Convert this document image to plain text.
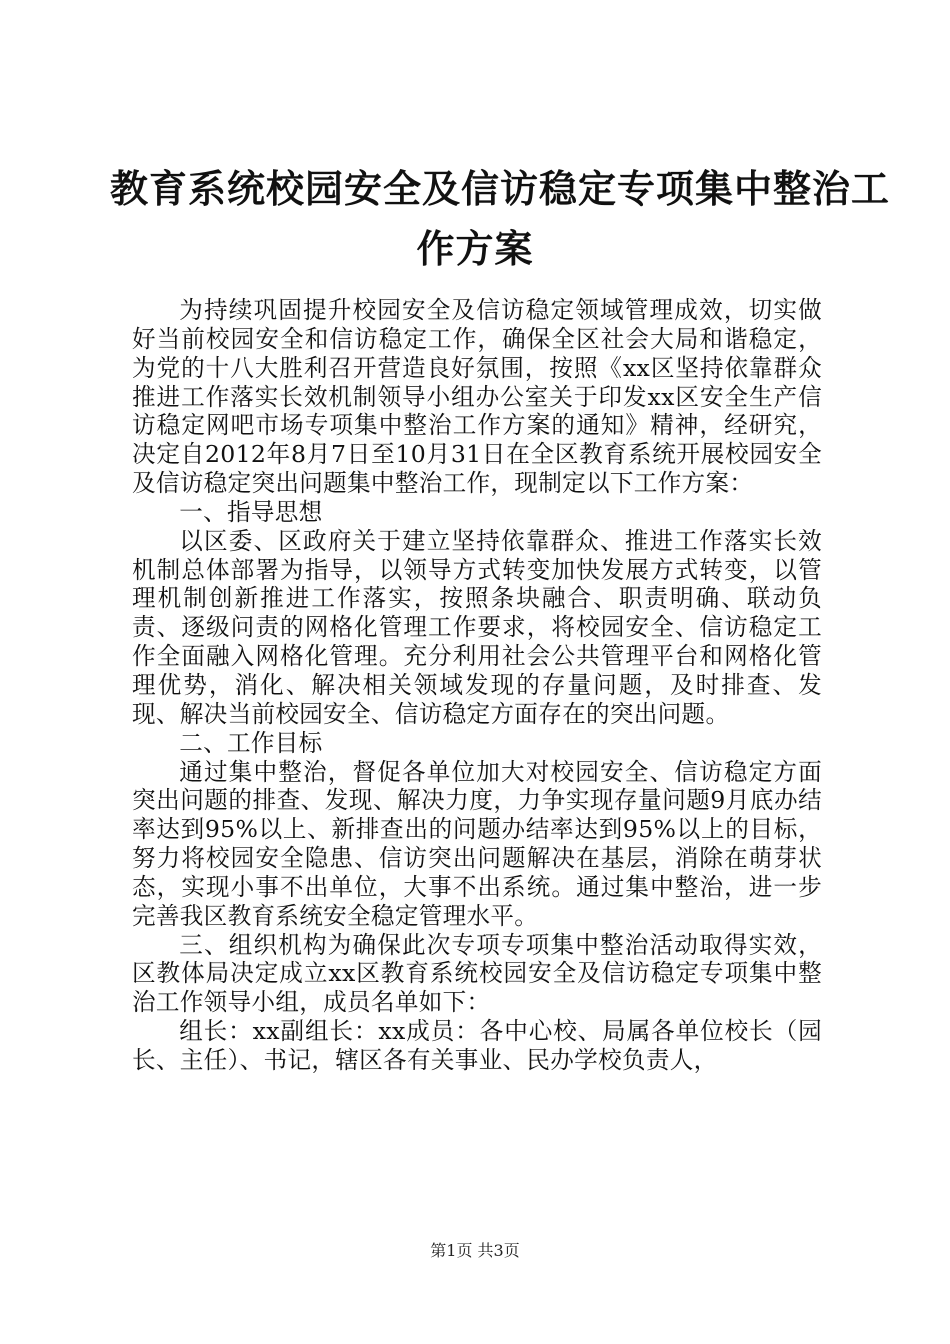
教育系统校园安全及信访稳定专项集中整治工
作方案

为持续巩固提升校园安全及信访稳定领域管理成效，切实做好当前校园安全和信访稳定工作，确保全区社会大局和谐稳定，为党的十八大胜利召开营造良好氛围，按照《xx区坚持依靠群众推进工作落实长效机制领导小组办公室关于印发xx区安全生产信访稳定网吧市场专项集中整治工作方案的通知》精神，经研究，决定自2012年8月7日至10月31日在全区教育系统开展校园安全及信访稳定突出问题集中整治工作，现制定以下工作方案：

一、指导思想

以区委、区政府关于建立坚持依靠群众、推进工作落实长效机制总体部署为指导，以领导方式转变加快发展方式转变，以管理机制创新推进工作落实，按照条块融合、职责明确、联动负责、逐级问责的网格化管理工作要求，将校园安全、信访稳定工作全面融入网格化管理。充分利用社会公共管理平台和网格化管理优势，消化、解决相关领域发现的存量问题，及时排查、发现、解决当前校园安全、信访稳定方面存在的突出问题。

二、工作目标

通过集中整治，督促各单位加大对校园安全、信访稳定方面突出问题的排查、发现、解决力度，力争实现存量问题9月底办结率达到95%以上、新排查出的问题办结率达到95%以上的目标，努力将校园安全隐患、信访突出问题解决在基层，消除在萌芽状态，实现小事不出单位，大事不出系统。通过集中整治，进一步完善我区教育系统安全稳定管理水平。

三、组织机构为确保此次专项专项集中整治活动取得实效，区教体局决定成立xx区教育系统校园安全及信访稳定专项集中整治工作领导小组，成员名单如下：

组长：xx副组长：xx成员：各中心校、局属各单位校长（园长、主任）、书记，辖区各有关事业、民办学校负责人，

第1页 共3页
